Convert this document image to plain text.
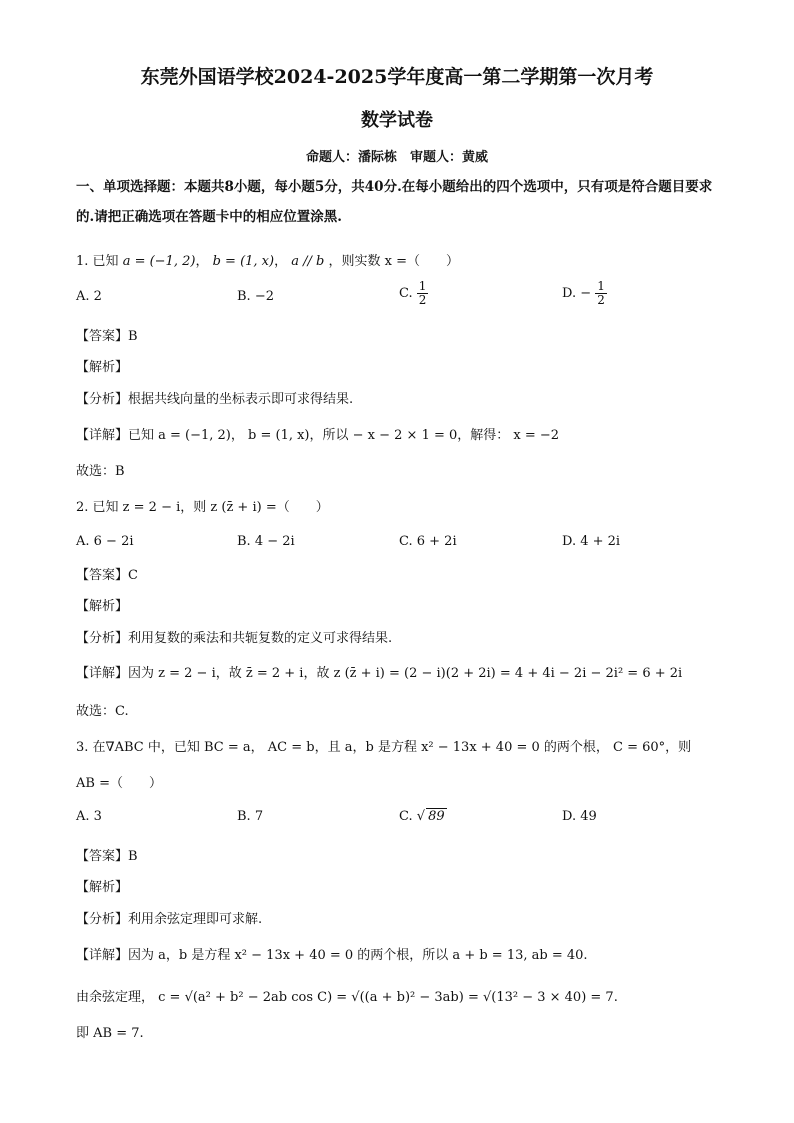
东莞外国语学校2024-2025学年度高一第二学期第一次月考
数学试卷
命题人：潘际栋　审题人：黄威
一、单项选择题：本题共8小题，每小题5分，共40分.在每小题给出的四个选项中，只有项是符合题目要求的.请把正确选项在答题卡中的相应位置涂黑.
1. 已知 a = (−1, 2)， b = (1, x)， a // b ，则实数 x =（　　）
A. 2	B. −2	C. $\frac{1}{2}$	D. − $\frac{1}{2}$
【答案】B
【解析】
【分析】根据共线向量的坐标表示即可求得结果.
【详解】已知 a = (−1, 2)， b = (1, x)，所以 − x − 2 × 1 = 0，解得： x = −2
故选：B
2. 已知 z = 2 − i，则 z (z̄ + i) =（　　）
A. 6 − 2i	B. 4 − 2i	C. 6 + 2i	D. 4 + 2i
【答案】C
【解析】
【分析】利用复数的乘法和共轭复数的定义可求得结果.
【详解】因为 z = 2 − i，故 z̄ = 2 + i，故 z (z̄ + i) = (2 − i)(2 + 2i) = 4 + 4i − 2i − 2i² = 6 + 2i
故选：C.
3. 在∇ABC 中，已知 BC = a， AC = b，且 a，b 是方程 x² − 13x + 40 = 0 的两个根， C = 60°，则
AB =（　　）
A. 3	B. 7	C. √ 89	D. 49
【答案】B
【解析】
【分析】利用余弦定理即可求解.
【详解】因为 a，b 是方程 x² − 13x + 40 = 0 的两个根，所以 a + b = 13, ab = 40.
由余弦定理， c = √(a² + b² − 2ab cos C) = √((a + b)² − 3ab) = √(13² − 3 × 40) = 7.
即 AB = 7.
